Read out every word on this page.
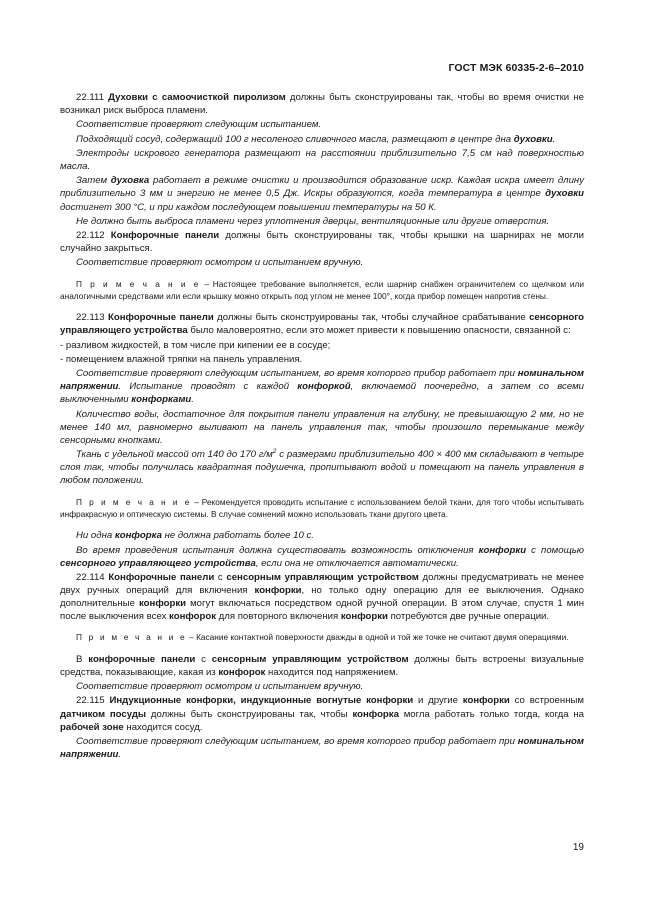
ГОСТ МЭК 60335-2-6–2010

22.111 Духовки с самоочисткой пиролизом должны быть сконструированы так, чтобы во время очистки не возникал риск выброса пламени.

Соответствие проверяют следующим испытанием.

Подходящий сосуд, содержащий 100 г несоленого сливочного масла, размещают в центре дна духовки.

Электроды искрового генератора размещают на расстоянии приблизительно 7,5 см над поверхностью масла.

Затем духовка работает в режиме очистки и производится образование искр. Каждая искра имеет длину приблизительно 3 мм и энергию не менее 0,5 Дж. Искры образуются, когда температура в центре духовки достигнет 300 °С, и при каждом последующем повышении температуры на 50 К.

Не должно быть выброса пламени через уплотнения дверцы, вентиляционные или другие отверстия.

22.112 Конфорочные панели должны быть сконструированы так, чтобы крышки на шарнирах не могли случайно закрыться.

Соответствие проверяют осмотром и испытанием вручную.

П р и м е ч а н и е – Настоящее требование выполняется, если шарнир снабжен ограничителем со щелчком или аналогичными средствами или если крышку можно открыть под углом не менее 100°, когда прибор помещен напротив стены.

22.113 Конфорочные панели должны быть сконструированы так, чтобы случайное срабатывание сенсорного управляющего устройства было маловероятно, если это может привести к повышению опасности, связанной с:

- разливом жидкостей, в том числе при кипении ее в сосуде;

- помещением влажной тряпки на панель управления.

Соответствие проверяют следующим испытанием, во время которого прибор работает при номинальном напряжении. Испытание проводят с каждой конфоркой, включаемой поочередно, а затем со всеми выключенными конфорками.

Количество воды, достаточное для покрытия панели управления на глубину, не превышающую 2 мм, но не менее 140 мл, равномерно выливают на панель управления так, чтобы произошло перемыкание между сенсорными кнопками.

Ткань с удельной массой от 140 до 170 $г/м^2$ с размерами приблизительно 400 × 400 мм складывают в четыре слоя так, чтобы получилась квадратная подушечка, пропитывают водой и помещают на панель управления в любом положении.

П р и м е ч а н и е – Рекомендуется проводить испытание с использованием белой ткани, для того чтобы испытывать инфракрасную и оптическую системы. В случае сомнений можно использовать ткани другого цвета.

Ни одна конфорка не должна работать более 10 с.

Во время проведения испытания должна существовать возможность отключения конфорки с помощью сенсорного управляющего устройства, если она не отключается автоматически.

22.114 Конфорочные панели с сенсорным управляющим устройством должны предусматривать не менее двух ручных операций для включения конфорки, но только одну операцию для ее выключения. Однако дополнительные конфорки могут включаться посредством одной ручной операции. В этом случае, спустя 1 мин после выключения всех конфорок для повторного включения конфорки потребуются две ручные операции.

П р и м е ч а н и е – Касание контактной поверхности дважды в одной и той же точке не считают двумя операциями.

В конфорочные панели с сенсорным управляющим устройством должны быть встроены визуальные средства, показывающие, какая из конфорок находится под напряжением.

Соответствие проверяют осмотром и испытанием вручную.

22.115 Индукционные конфорки, индукционные вогнутые конфорки и другие конфорки со встроенным датчиком посуды должны быть сконструированы так, чтобы конфорка могла работать только тогда, когда на рабочей зоне находится сосуд.

Соответствие проверяют следующим испытанием, во время которого прибор работает при номинальном напряжении.

19
